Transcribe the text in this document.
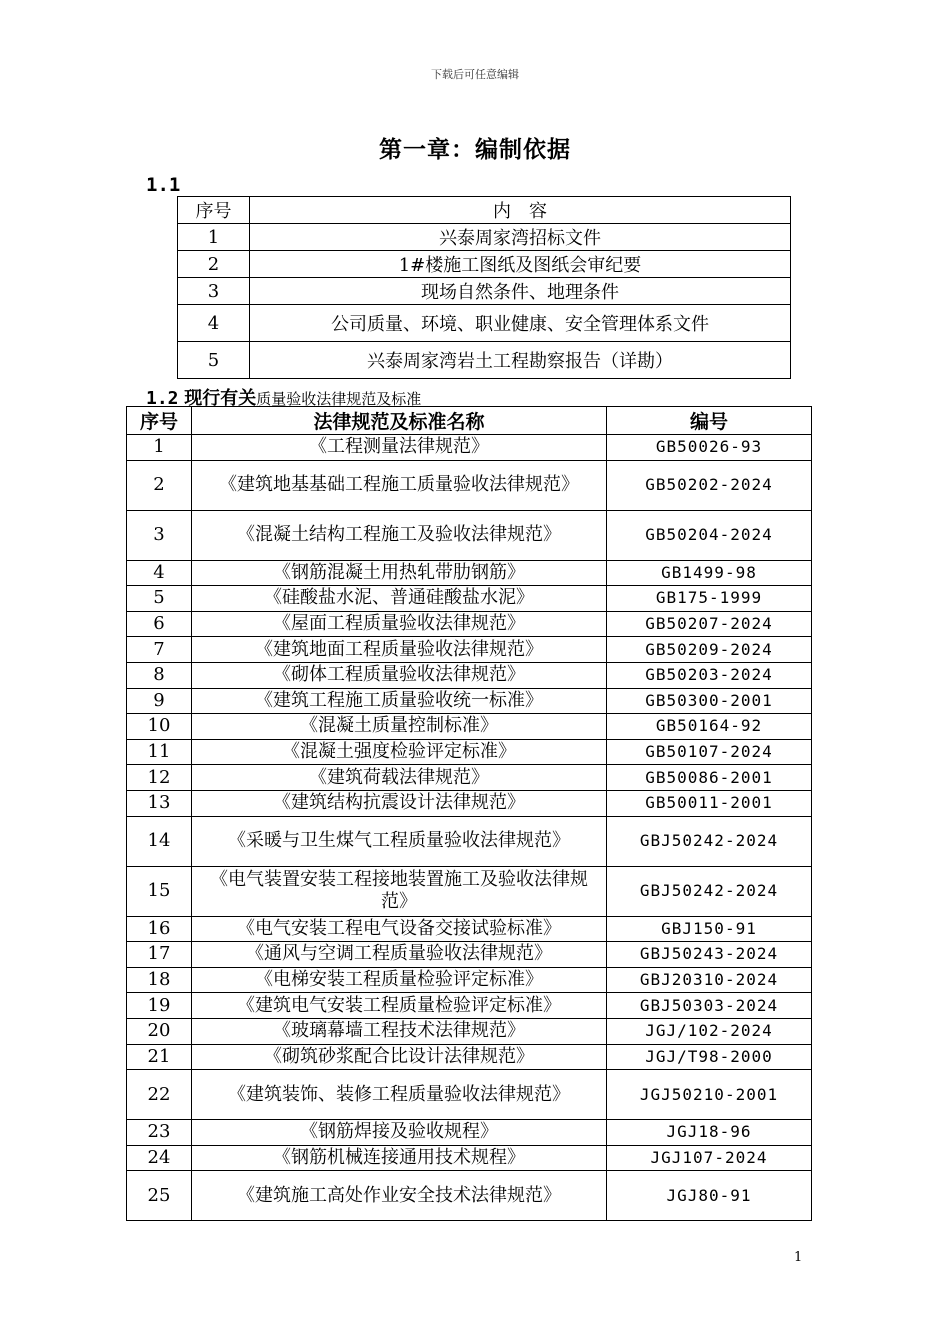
下载后可任意编辑
第一章：编制依据
1.1
序号	内　容
1	兴泰周家湾招标文件
2	1#楼施工图纸及图纸会审纪要
3	现场自然条件、地理条件
4	公司质量、环境、职业健康、安全管理体系文件
5	兴泰周家湾岩土工程勘察报告（详勘）
1.2 现行有关质量验收法律规范及标准
序号	法律规范及标准名称	编号
1	《工程测量法律规范》	GB50026-93
2	《建筑地基基础工程施工质量验收法律规范》	GB50202-2024
3	《混凝土结构工程施工及验收法律规范》	GB50204-2024
4	《钢筋混凝土用热轧带肋钢筋》	GB1499-98
5	《硅酸盐水泥、普通硅酸盐水泥》	GB175-1999
6	《屋面工程质量验收法律规范》	GB50207-2024
7	《建筑地面工程质量验收法律规范》	GB50209-2024
8	《砌体工程质量验收法律规范》	GB50203-2024
9	《建筑工程施工质量验收统一标准》	GB50300-2001
10	《混凝土质量控制标准》	GB50164-92
11	《混凝土强度检验评定标准》	GB50107-2024
12	《建筑荷载法律规范》	GB50086-2001
13	《建筑结构抗震设计法律规范》	GB50011-2001
14	《采暖与卫生煤气工程质量验收法律规范》	GBJ50242-2024
15	《电气装置安装工程接地装置施工及验收法律规范》	GBJ50242-2024
16	《电气安装工程电气设备交接试验标准》	GBJ150-91
17	《通风与空调工程质量验收法律规范》	GBJ50243-2024
18	《电梯安装工程质量检验评定标准》	GBJ20310-2024
19	《建筑电气安装工程质量检验评定标准》	GBJ50303-2024
20	《玻璃幕墙工程技术法律规范》	JGJ/102-2024
21	《砌筑砂浆配合比设计法律规范》	JGJ/T98-2000
22	《建筑装饰、装修工程质量验收法律规范》	JGJ50210-2001
23	《钢筋焊接及验收规程》	JGJ18-96
24	《钢筋机械连接通用技术规程》	JGJ107-2024
25	《建筑施工高处作业安全技术法律规范》	JGJ80-91
1
